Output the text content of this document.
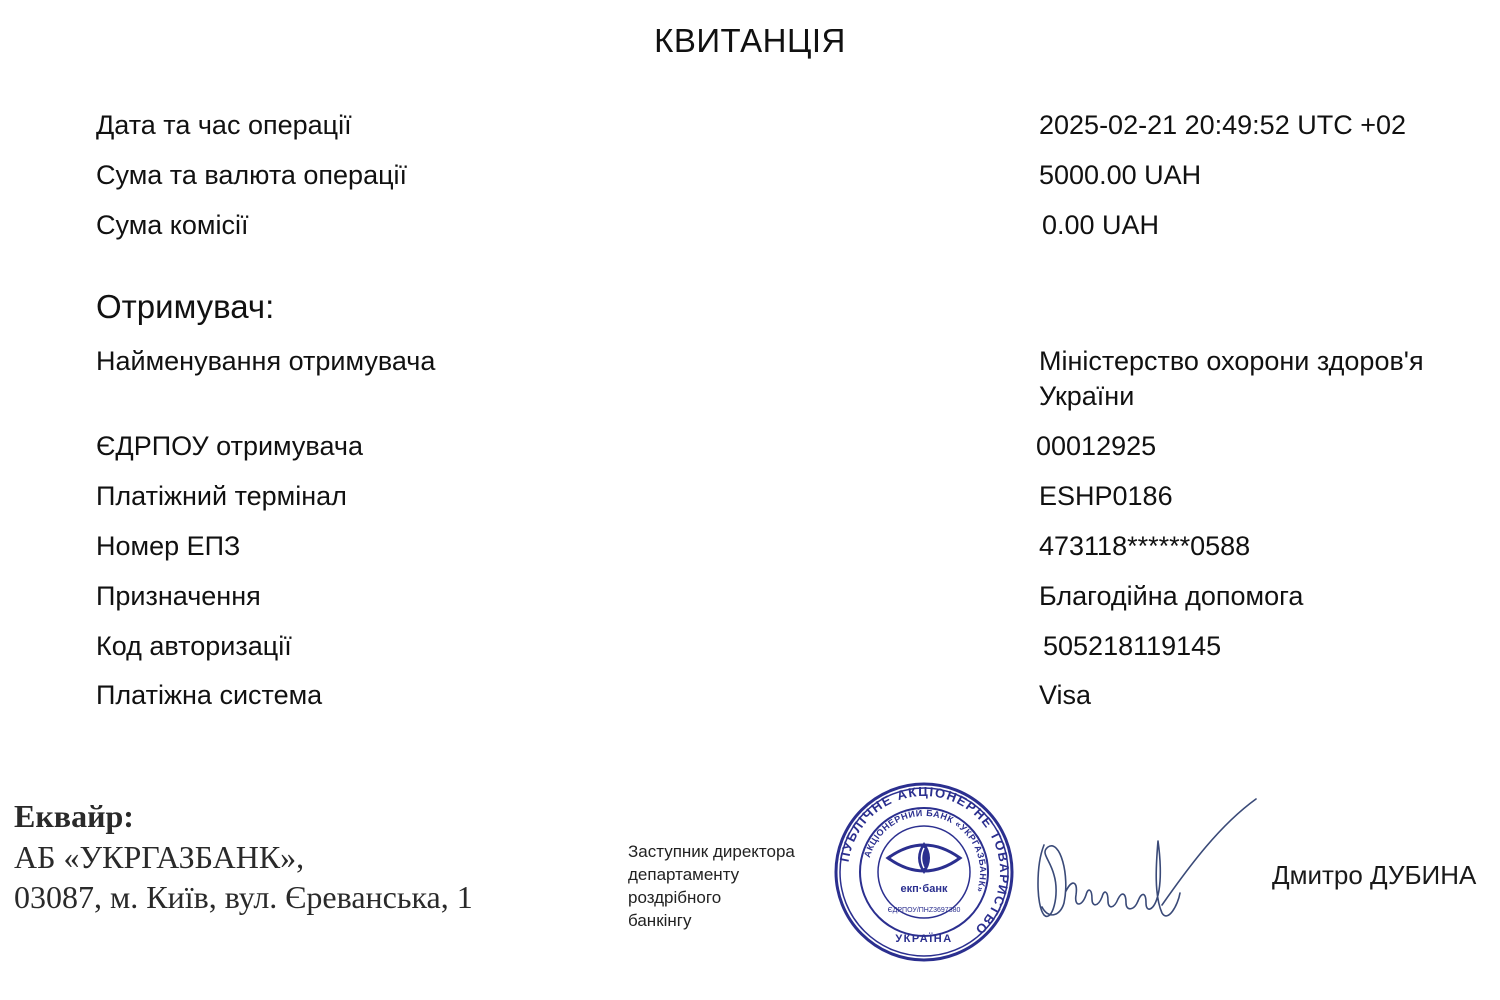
КВИТАНЦІЯ
Дата та час операції	2025-02-21 20:49:52 UTC +02
Сума та валюта операції	5000.00 UAH
Сума комісії	0.00 UAH
Отримувач:
Найменування отримувача	Міністерство охорони здоров'я України
ЄДРПОУ отримувача	00012925
Платіжний термінал	ESHP0186
Номер ЕПЗ	473118******0588
Призначення	Благодійна допомога
Код авторизації	505218119145
Платіжна система	Visa
Еквайр:
АБ «УКРГАЗБАНК»,
03087, м. Київ, вул. Єреванська, 1
Заступник директора
департаменту
роздрібного
банкінгу
ПУБЛІЧНЕ АКЦІОНЕРНЕ ТОВАРИСТВО
АКЦІОНЕРНИЙ БАНК «УКРГАЗБАНК»
екп·банк
ЄДРПОУ/ПНZ3697380
УКРАЇНА
Дмитро ДУБИНА
